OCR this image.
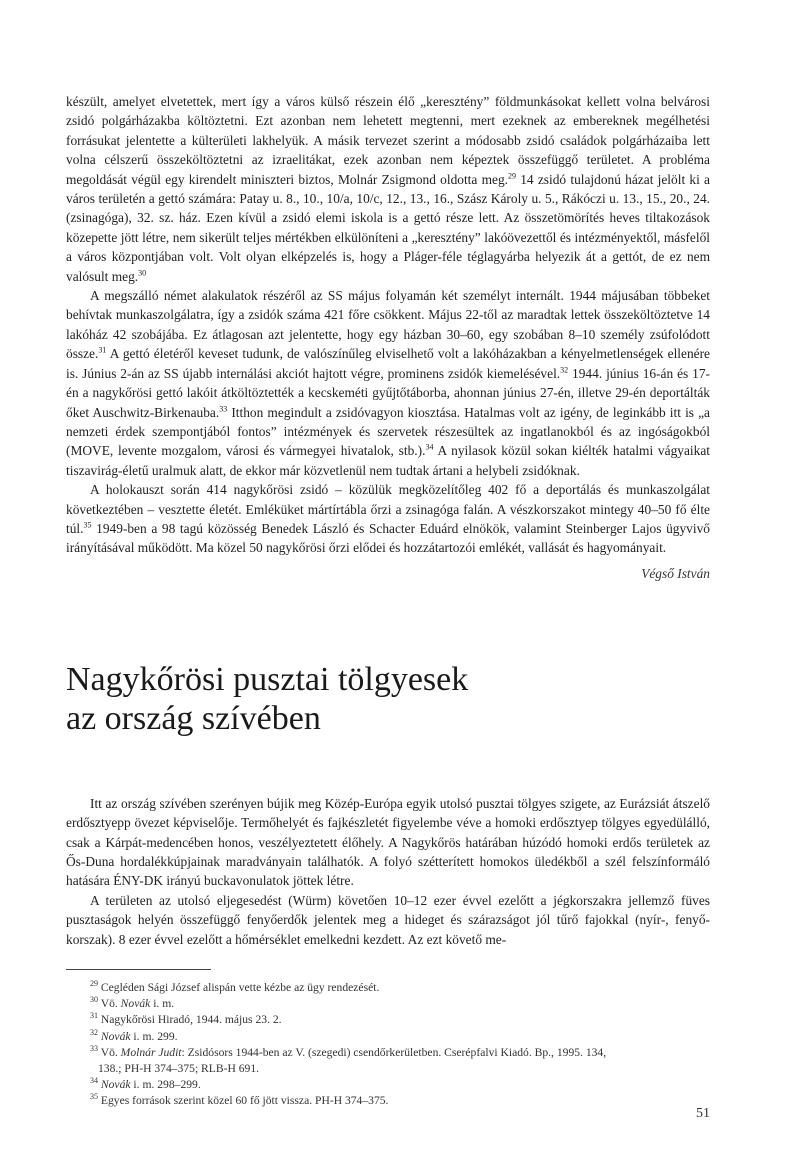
készült, amelyet elvetettek, mert így a város külső részein élő „keresztény” földmunkásokat kellett volna belvárosi zsidó polgárházakba költöztetni. Ezt azonban nem lehetett megtenni, mert ezeknek az embereknek megélhetési forrásukat jelentette a külterületi lakhelyük. A másik tervezet szerint a módosabb zsidó családok polgárházaiba lett volna célszerű összeköltöztetni az izraelitákat, ezek azonban nem képeztek összefüggő területet. A probléma megoldását végül egy kirendelt miniszteri biztos, Molnár Zsigmond oldotta meg.$^{29}$ 14 zsidó tulajdonú házat jelölt ki a város területén a gettó számára: Patay u. 8., 10., 10/a, 10/c, 12., 13., 16., Szász Károly u. 5., Rákóczi u. 13., 15., 20., 24. (zsinagóga), 32. sz. ház. Ezen kívül a zsidó elemi iskola is a gettó része lett. Az összetömörítés heves tiltakozások közepette jött létre, nem sikerült teljes mértékben elkülöníteni a „keresztény” lakóövezettől és intézményektől, másfelől a város központjában volt. Volt olyan elképzelés is, hogy a Pláger-féle téglagyárba helyezik át a gettót, de ez nem valósult meg.$^{30}$

A megszálló német alakulatok részéről az SS május folyamán két személyt internált. 1944 májusában többeket behívtak munkaszolgálatra, így a zsidók száma 421 főre csökkent. Május 22-től az maradtak lettek összeköltöztetve 14 lakóház 42 szobájába. Ez átlagosan azt jelentette, hogy egy házban 30–60, egy szobában 8–10 személy zsúfolódott össze.$^{31}$ A gettó életéről keveset tudunk, de valószínűleg elviselhető volt a lakóházakban a kényelmetlenségek ellenére is. Június 2-án az SS újabb internálási akciót hajtott végre, prominens zsidók kiemelésével.$^{32}$ 1944. június 16-án és 17-én a nagykőrösi gettó lakóit átköltöztették a kecskeméti gyűjtőtáborba, ahonnan június 27-én, illetve 29-én deportálták őket Auschwitz-Birkenauba.$^{33}$ Itthon megindult a zsidóvagyon kiosztása. Hatalmas volt az igény, de leginkább itt is „a nemzeti érdek szempontjából fontos” intézmények és szervetek részesültek az ingatlanokból és az ingóságokból (MOVE, levente mozgalom, városi és vármegyei hivatalok, stb.).$^{34}$ A nyilasok közül sokan kiélték hatalmi vágyaikat tiszavirág-életű uralmuk alatt, de ekkor már közvetlenül nem tudtak ártani a helybeli zsidóknak.

A holokauszt során 414 nagykőrösi zsidó – közülük megközelítőleg 402 fő a deportálás és munkaszolgálat következtében – vesztette életét. Emléküket mártírtábla őrzi a zsinagóga falán. A vészkorszakot mintegy 40–50 fő élte túl.$^{35}$ 1949-ben a 98 tagú közösség Benedek László és Schacter Eduárd elnökök, valamint Steinberger Lajos ügyvivő irányításával működött. Ma közel 50 nagykőrösi őrzi elődei és hozzátartozói emlékét, vallását és hagyományait.

Végső István
Nagykőrösi pusztai tölgyesek
az ország szívében

Itt az ország szívében szerényen bújik meg Közép-Európa egyik utolsó pusztai tölgyes szigete, az Eurázsiát átszelő erdősztyepp övezet képviselője. Termőhelyét és fajkészletét figyelembe véve a homoki erdősztyep tölgyes egyedülálló, csak a Kárpát-medencében honos, veszélyeztetett élőhely. A Nagykőrös határában húzódó homoki erdős területek az Ős-Duna hordalékkúpjainak maradványain találhatók. A folyó szétterített homokos üledékből a szél felszínformáló hatására ÉNY-DK irányú buckavonulatok jöttek létre.

A területen az utolsó eljegesedést (Würm) követően 10–12 ezer évvel ezelőtt a jégkorszakra jellemző füves pusztaságok helyén összefüggő fenyőerdők jelentek meg a hideget és szárazságot jól tűrő fajokkal (nyír-, fenyő-korszak). 8 ezer évvel ezelőtt a hőmérséklet emelkedni kezdett. Az ezt követő me-

$^{29}$ Cegléden Sági József alispán vette kézbe az ügy rendezését.
$^{30}$ Vö. Novák i. m.
$^{31}$ Nagykőrösi Hiradó, 1944. május 23. 2.
$^{32}$ Novák i. m. 299.
$^{33}$ Vö. Molnár Judit: Zsidósors 1944-ben az V. (szegedi) csendőrkerületben. Cserépfalvi Kiadó. Bp., 1995. 134,
138.; PH-H 374–375; RLB-H 691.
$^{34}$ Novák i. m. 298–299.
$^{35}$ Egyes források szerint közel 60 fő jött vissza. PH-H 374–375.
51
